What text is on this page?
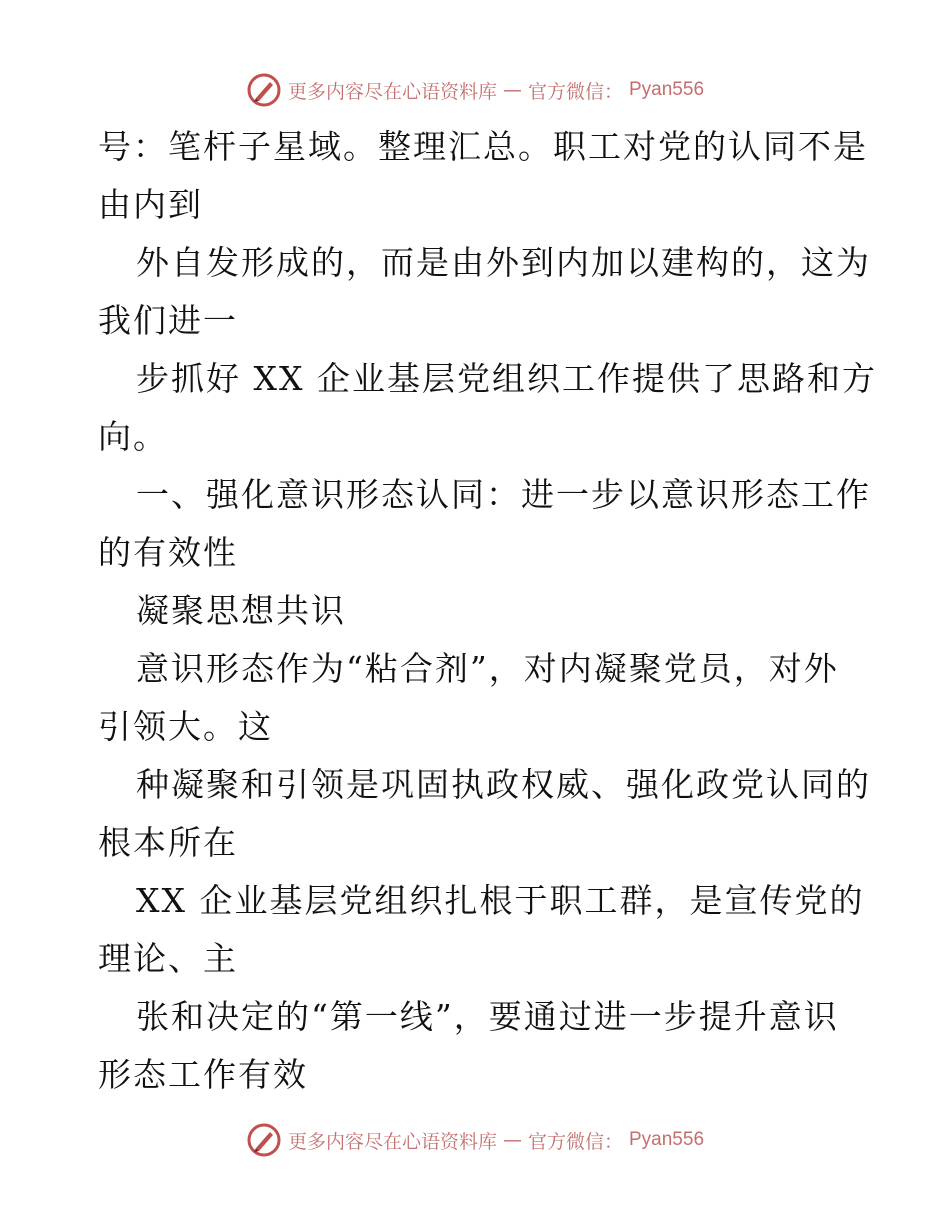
更多内容尽在心语资料库 — 官方微信： Pyan556
号：笔杆子星域。整理汇总。职工对党的认同不是
由内到
外自发形成的，而是由外到内加以建构的，这为
我们进一
步抓好 XX 企业基层党组织工作提供了思路和方
向。
一、强化意识形态认同：进一步以意识形态工作
的有效性
凝聚思想共识
意识形态作为“粘合剂”，对内凝聚党员，对外
引领大。这
种凝聚和引领是巩固执政权威、强化政党认同的
根本所在
XX 企业基层党组织扎根于职工群，是宣传党的
理论、主
张和决定的“第一线”，要通过进一步提升意识
形态工作有效
更多内容尽在心语资料库 — 官方微信： Pyan556
